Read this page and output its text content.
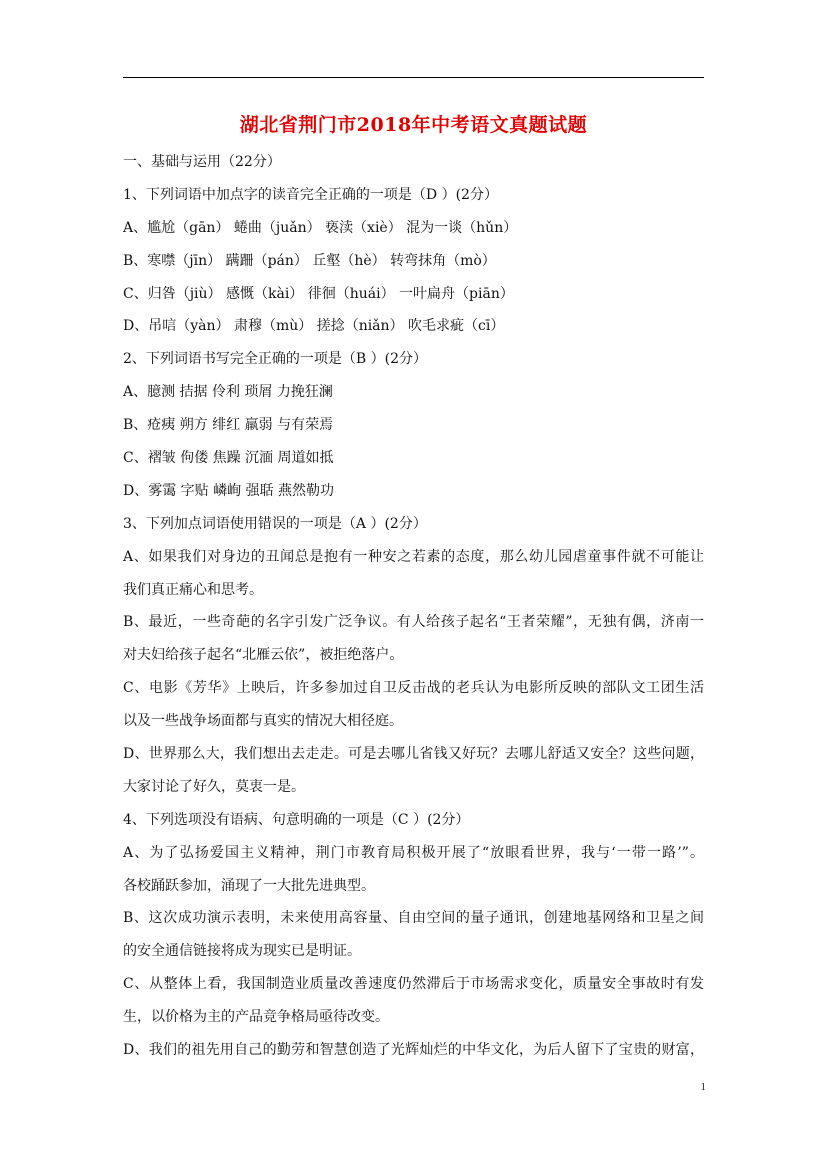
湖北省荆门市2018年中考语文真题试题
一、基础与运用（22分）
1、下列词语中加点字的读音完全正确的一项是（D ）(2分）
A、尴尬（gān） 蜷曲（juǎn） 亵渎（xiè） 混为一谈（hǔn）
B、寒噤（jīn） 蹒跚（pán） 丘壑（hè） 转弯抹角（mò）
C、归咎（jiù） 感慨（kài） 徘徊（huái） 一叶扁舟（piān）
D、吊唁（yàn） 肃穆（mù） 搓捻（niǎn） 吹毛求疵（cī）
2、下列词语书写完全正确的一项是（B ）(2分）
A、臆测 拮据 伶利 琐屑 力挽狂澜
B、疮痍 朔方 绯红 羸弱 与有荣焉
C、褶皱 佝偻 焦躁 沉湎 周道如抵
D、雾霭 字贴 嶙峋 强聒 燕然勒功
3、下列加点词语使用错误的一项是（A ）(2分）
A、如果我们对身边的丑闻总是抱有一种安之若素的态度，那么幼儿园虐童事件就不可能让
我们真正痛心和思考。
B、最近，一些奇葩的名字引发广泛争议。有人给孩子起名“王者荣耀”，无独有偶，济南一
对夫妇给孩子起名“北雁云依”，被拒绝落户。
C、电影《芳华》上映后，许多参加过自卫反击战的老兵认为电影所反映的部队文工团生活
以及一些战争场面都与真实的情况大相径庭。
D、世界那么大，我们想出去走走。可是去哪儿省钱又好玩？去哪儿舒适又安全？这些问题，
大家讨论了好久，莫衷一是。
4、下列选项没有语病、句意明确的一项是（C ）(2分）
A、为了弘扬爱国主义精神，荆门市教育局积极开展了“放眼看世界，我与‘一带一路’”。
各校踊跃参加，涌现了一大批先进典型。
B、这次成功演示表明，未来使用高容量、自由空间的量子通讯，创建地基网络和卫星之间
的安全通信链接将成为现实已是明证。
C、从整体上看，我国制造业质量改善速度仍然滞后于市场需求变化，质量安全事故时有发
生，以价格为主的产品竞争格局亟待改变。
D、我们的祖先用自己的勤劳和智慧创造了光辉灿烂的中华文化，为后人留下了宝贵的财富，
1
